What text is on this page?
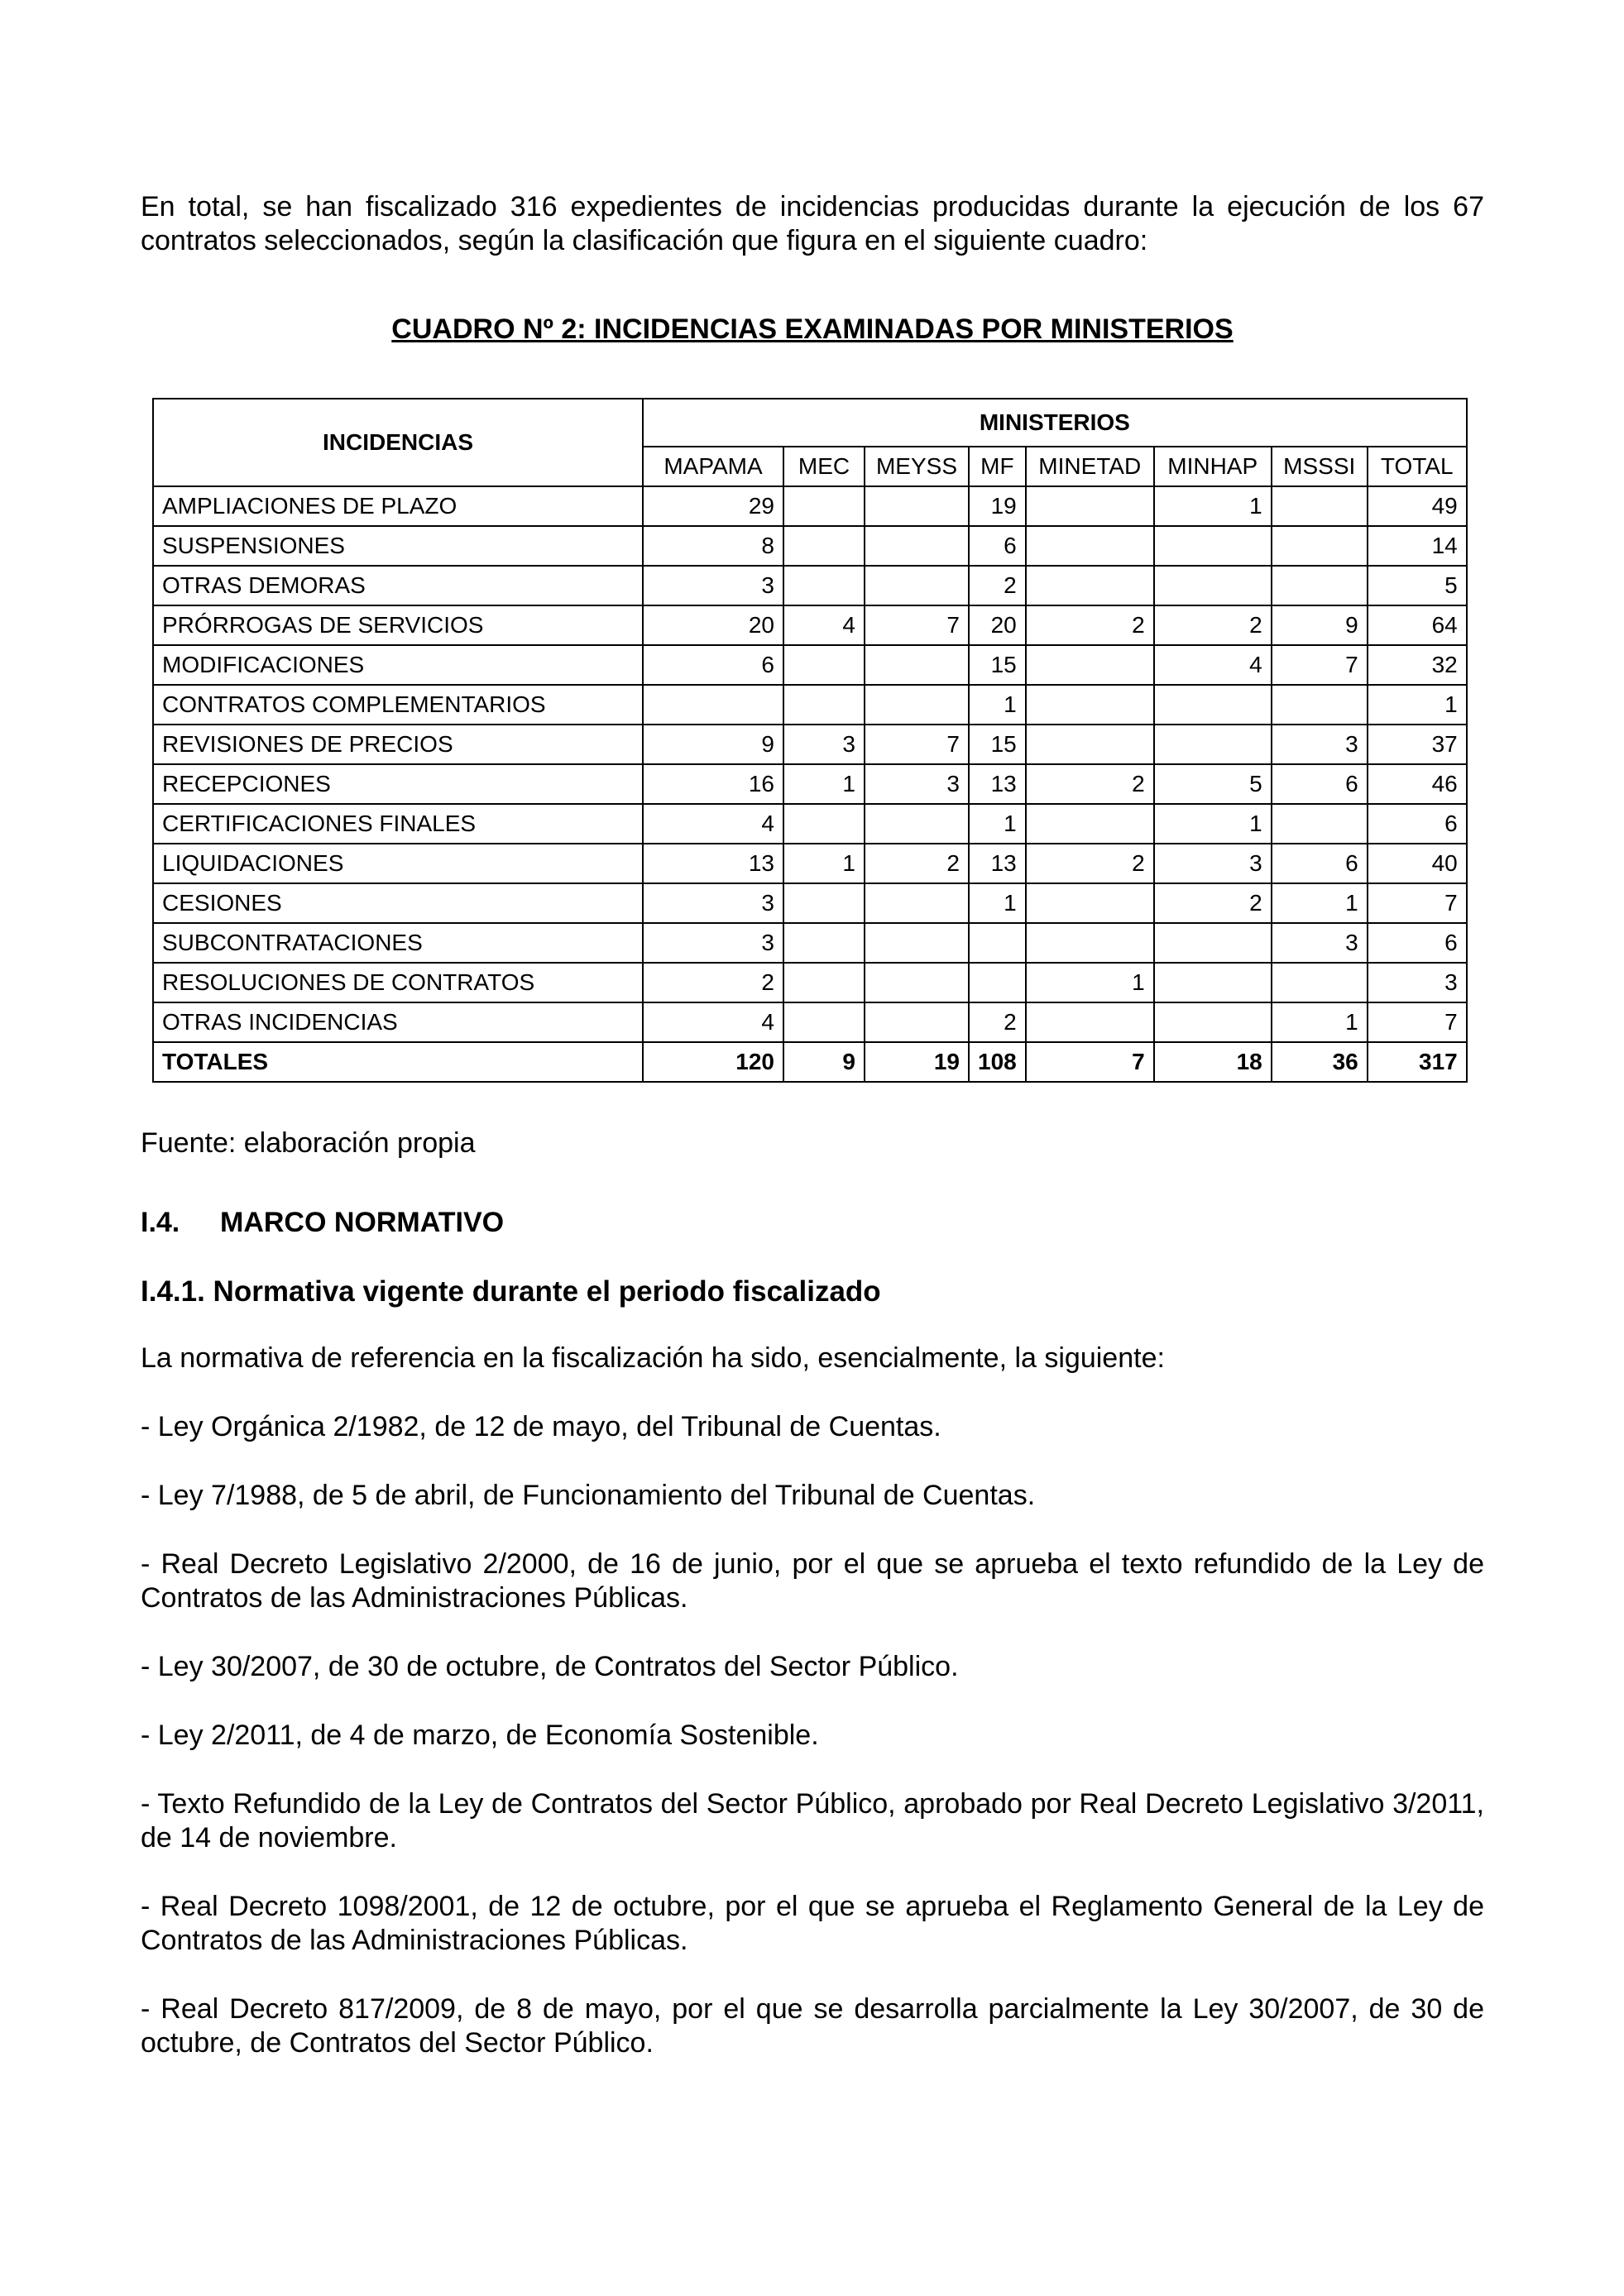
En total, se han fiscalizado 316 expedientes de incidencias producidas durante la ejecución de los 67 contratos seleccionados, según la clasificación que figura en el siguiente cuadro:

CUADRO Nº 2: INCIDENCIAS EXAMINADAS POR MINISTERIOS
INCIDENCIAS	MINISTERIOS							
	MAPAMA	MEC	MEYSS	MF	MINETAD	MINHAP	MSSSI	TOTAL
AMPLIACIONES DE PLAZO	29			19		1		49
SUSPENSIONES	8			6				14
OTRAS DEMORAS	3			2				5
PRÓRROGAS DE SERVICIOS	20	4	7	20	2	2	9	64
MODIFICACIONES	6			15		4	7	32
CONTRATOS COMPLEMENTARIOS				1				1
REVISIONES DE PRECIOS	9	3	7	15			3	37
RECEPCIONES	16	1	3	13	2	5	6	46
CERTIFICACIONES FINALES	4			1		1		6
LIQUIDACIONES	13	1	2	13	2	3	6	40
CESIONES	3			1		2	1	7
SUBCONTRATACIONES	3						3	6
RESOLUCIONES DE CONTRATOS	2				1			3
OTRAS INCIDENCIAS	4			2			1	7
TOTALES	120	9	19	108	7	18	36	317
Fuente: elaboración propia
I.4. MARCO NORMATIVO
I.4.1. Normativa vigente durante el periodo fiscalizado

La normativa de referencia en la fiscalización ha sido, esencialmente, la siguiente:

- Ley Orgánica 2/1982, de 12 de mayo, del Tribunal de Cuentas.

- Ley 7/1988, de 5 de abril, de Funcionamiento del Tribunal de Cuentas.

- Real Decreto Legislativo 2/2000, de 16 de junio, por el que se aprueba el texto refundido de la Ley de Contratos de las Administraciones Públicas.

- Ley 30/2007, de 30 de octubre, de Contratos del Sector Público.

- Ley 2/2011, de 4 de marzo, de Economía Sostenible.

- Texto Refundido de la Ley de Contratos del Sector Público, aprobado por Real Decreto Legislativo 3/2011, de 14 de noviembre.

- Real Decreto 1098/2001, de 12 de octubre, por el que se aprueba el Reglamento General de la Ley de Contratos de las Administraciones Públicas.

- Real Decreto 817/2009, de 8 de mayo, por el que se desarrolla parcialmente la Ley 30/2007, de 30 de octubre, de Contratos del Sector Público.
